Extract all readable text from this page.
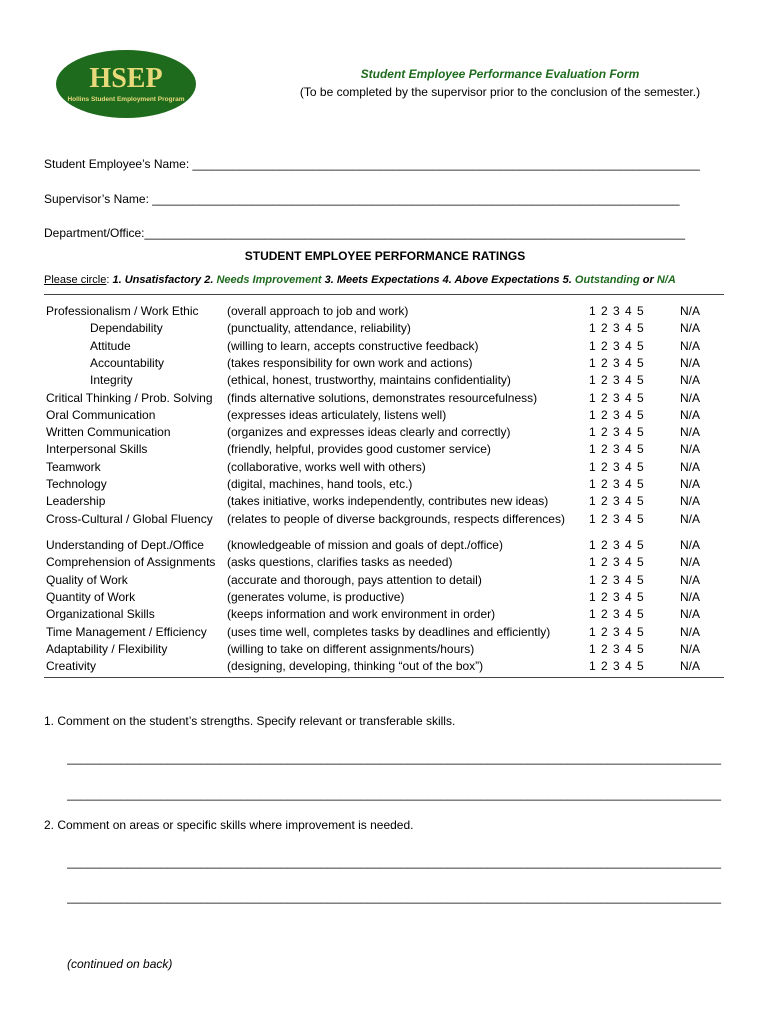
HSEP
Hollins Student Employment Program
Student Employee Performance Evaluation Form
(To be completed by the supervisor prior to the conclusion of the semester.)
Student Employee’s Name: ____________________________________________________________________________
Supervisor’s Name: _______________________________________________________________________________
Department/Office:_________________________________________________________________________________
STUDENT EMPLOYEE PERFORMANCE RATINGS
Please circle: 1. Unsatisfactory 2. Needs Improvement 3. Meets Expectations 4. Above Expectations 5. Outstanding or N/A
Professionalism / Work Ethic (overall approach to job and work)	1 2 3 4 5	N/A
Dependability	(punctuality, attendance, reliability)	1 2 3 4 5	N/A
Attitude	(willing to learn, accepts constructive feedback)	1 2 3 4 5	N/A
Accountability	(takes responsibility for own work and actions)	1 2 3 4 5	N/A
Integrity	(ethical, honest, trustworthy, maintains confidentiality)	1 2 3 4 5	N/A
Critical Thinking / Prob. Solving (finds alternative solutions, demonstrates resourcefulness)	1 2 3 4 5	N/A
Oral Communication	(expresses ideas articulately, listens well)	1 2 3 4 5	N/A
Written Communication	(organizes and expresses ideas clearly and correctly)	1 2 3 4 5	N/A
Interpersonal Skills	(friendly, helpful, provides good customer service)	1 2 3 4 5	N/A
Teamwork	(collaborative, works well with others)	1 2 3 4 5	N/A
Technology	(digital, machines, hand tools, etc.)	1 2 3 4 5	N/A
Leadership	(takes initiative, works independently, contributes new ideas)	1 2 3 4 5	N/A
Cross-Cultural / Global Fluency (relates to people of diverse backgrounds, respects differences) 1 2 3 4 5	N/A
Understanding of Dept./Office (knowledgeable of mission and goals of dept./office)	1 2 3 4 5	N/A
Comprehension of Assignments (asks questions, clarifies tasks as needed)	1 2 3 4 5	N/A
Quality of Work	(accurate and thorough, pays attention to detail)	1 2 3 4 5	N/A
Quantity of Work	(generates volume, is productive)	1 2 3 4 5	N/A
Organizational Skills	(keeps information and work environment in order)	1 2 3 4 5	N/A
Time Management / Efficiency (uses time well, completes tasks by deadlines and efficiently)	1 2 3 4 5	N/A
Adaptability / Flexibility	(willing to take on different assignments/hours)	1 2 3 4 5	N/A
Creativity	(designing, developing, thinking “out of the box”)	1 2 3 4 5	N/A
1. Comment on the student’s strengths. Specify relevant or transferable skills.
__________________________________________________________________________________________________
__________________________________________________________________________________________________
2. Comment on areas or specific skills where improvement is needed.
__________________________________________________________________________________________________
__________________________________________________________________________________________________
(continued on back)
